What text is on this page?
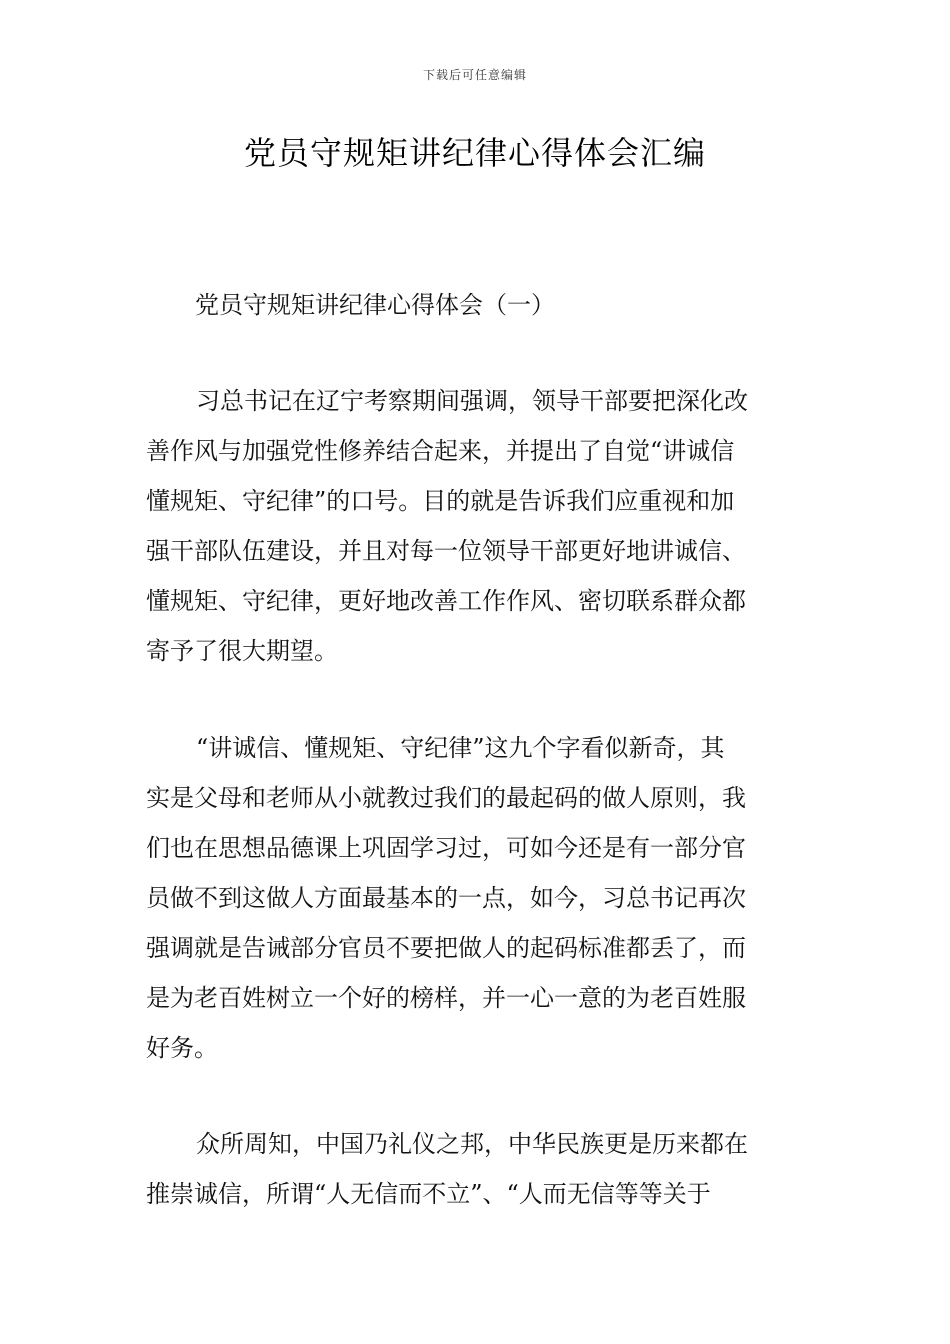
下载后可任意编辑
党员守规矩讲纪律心得体会汇编
党员守规矩讲纪律心得体会（一）
习总书记在辽宁考察期间强调，领导干部要把深化改
善作风与加强党性修养结合起来，并提出了自觉“讲诚信
懂规矩、守纪律”的口号。目的就是告诉我们应重视和加
强干部队伍建设，并且对每一位领导干部更好地讲诚信、
懂规矩、守纪律，更好地改善工作作风、密切联系群众都
寄予了很大期望。
“讲诚信、懂规矩、守纪律”这九个字看似新奇，其
实是父母和老师从小就教过我们的最起码的做人原则，我
们也在思想品德课上巩固学习过，可如今还是有一部分官
员做不到这做人方面最基本的一点，如今，习总书记再次
强调就是告诫部分官员不要把做人的起码标准都丢了，而
是为老百姓树立一个好的榜样，并一心一意的为老百姓服
好务。
众所周知，中国乃礼仪之邦，中华民族更是历来都在
推崇诚信，所谓“人无信而不立”、“人而无信等等关于
